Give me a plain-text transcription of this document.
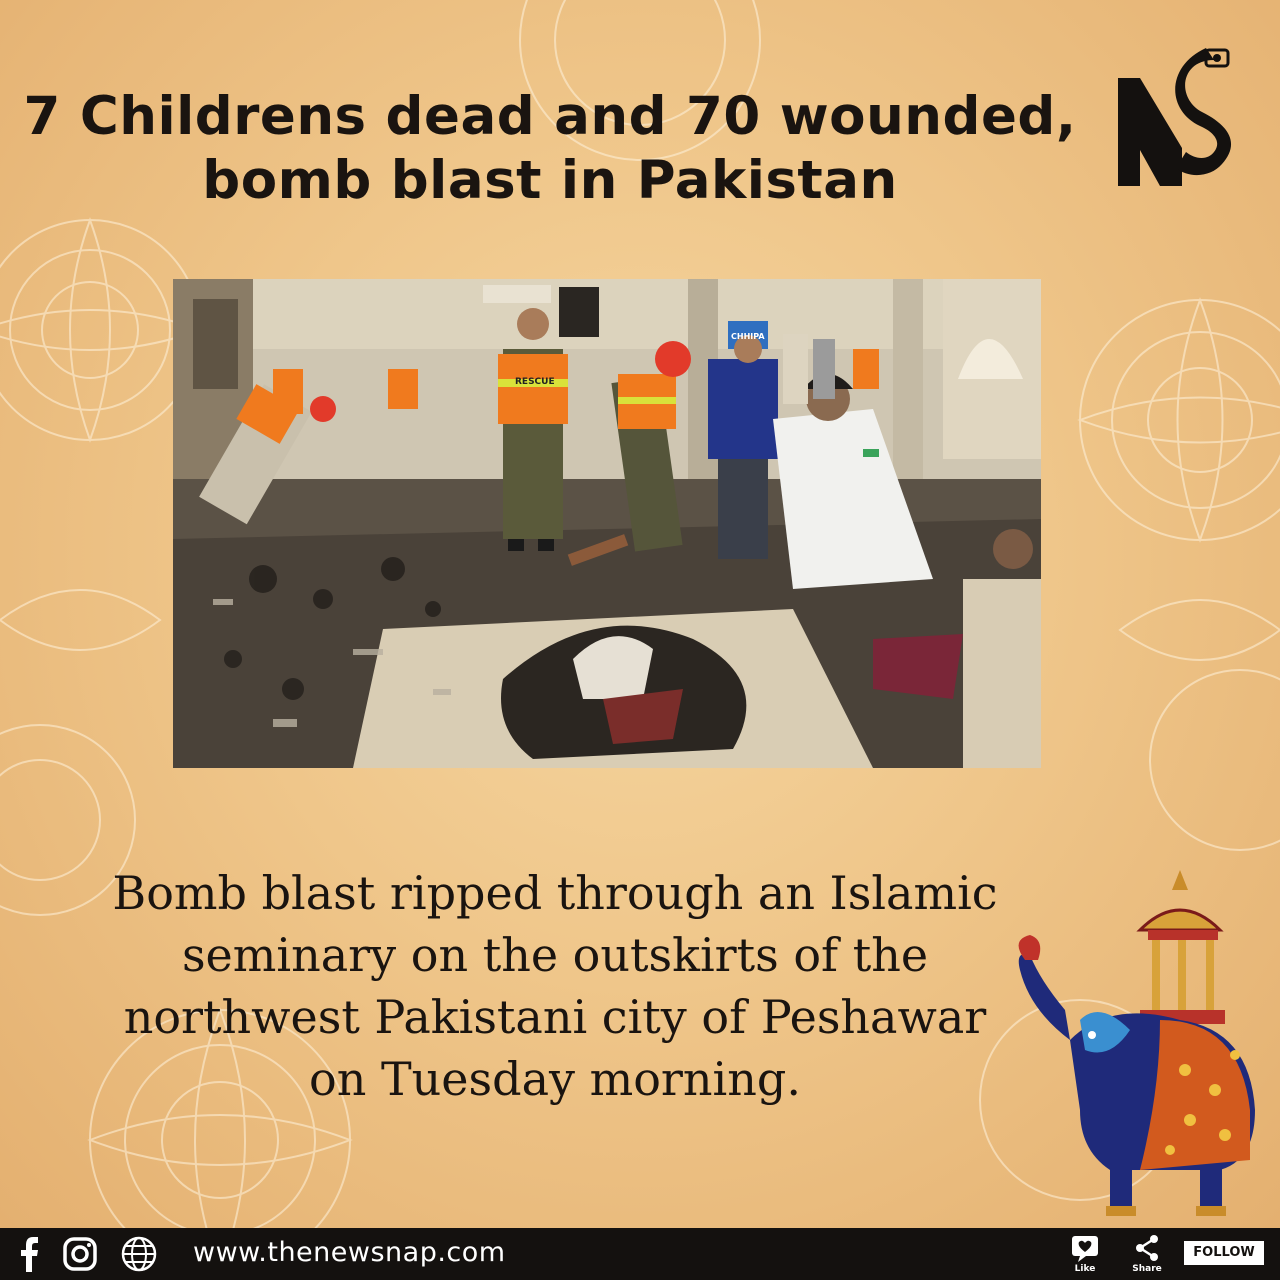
7 Childrens dead and 70 wounded,
bomb blast in Pakistan
RESCUE
CHHIPA

Bomb blast ripped through an Islamic
seminary on the outskirts of the
northwest Pakistani city of Peshawar
on Tuesday morning.

www.thenewsnap.com
Like	Share
FOLLOW
